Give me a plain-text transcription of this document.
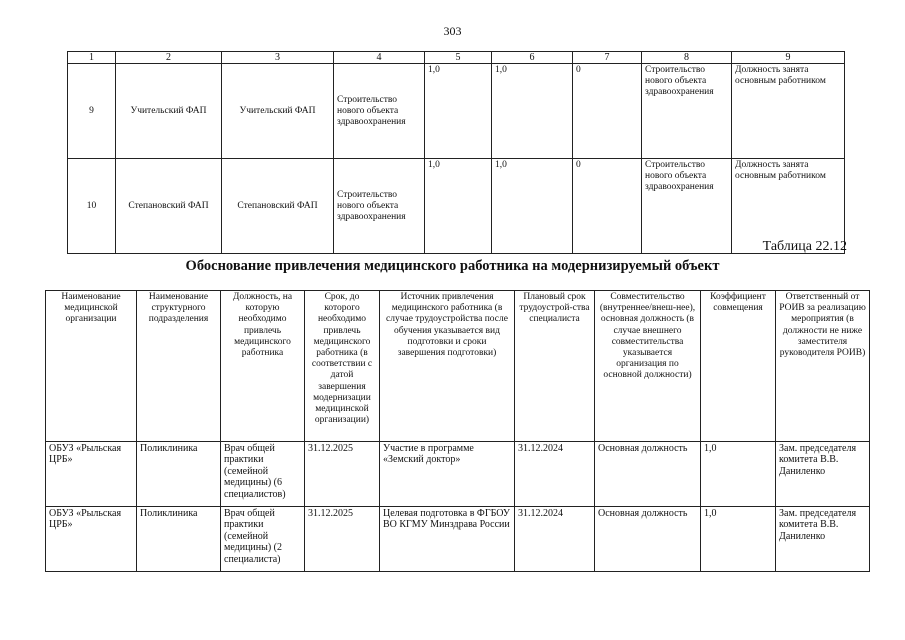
303
1	2	3	4	5	6	7	8	9
9	Учительский ФАП	Учительский ФАП	Строительство нового объекта здравоохранения	1,0	1,0	0	Строительство нового объекта здравоохранения	Должность занята основным работником
10	Степановский ФАП	Степановский ФАП	Строительство нового объекта здравоохранения	1,0	1,0	0	Строительство нового объекта здравоохранения	Должность занята основным работником
Таблица 22.12
Обоснование привлечения медицинского работника на модернизируемый объект
Наименование медицинской организации	Наименование структурного подразделения	Должность, на которую необходимо привлечь медицинского работника	Срок, до которого необходимо привлечь медицинского работника (в соответствии с датой завершения модернизации медицинской организации)	Источник привлечения медицинского работника (в случае трудоустройства после обучения указывается вид подготовки и сроки завершения подготовки)	Плановый срок трудоустрой-ства специалиста	Совместительство (внутреннее/внеш-нее), основная должность (в случае внешнего совместительства указывается организация по основной должности)	Коэффициент совмещения	Ответственный от РОИВ за реализацию мероприятия (в должности не ниже заместителя руководителя РОИВ)
ОБУЗ «Рыльская ЦРБ»	Поликлиника	Врач общей практики (семейной медицины) (6 специалистов)	31.12.2025	Участие в программе «Земский доктор»	31.12.2024	Основная должность	1,0	Зам. председателя комитета В.В. Даниленко
ОБУЗ «Рыльская ЦРБ»	Поликлиника	Врач общей практики (семейной медицины) (2 специалиста)	31.12.2025	Целевая подготовка в ФГБОУ ВО КГМУ Минздрава России	31.12.2024	Основная должность	1,0	Зам. председателя комитета В.В. Даниленко
